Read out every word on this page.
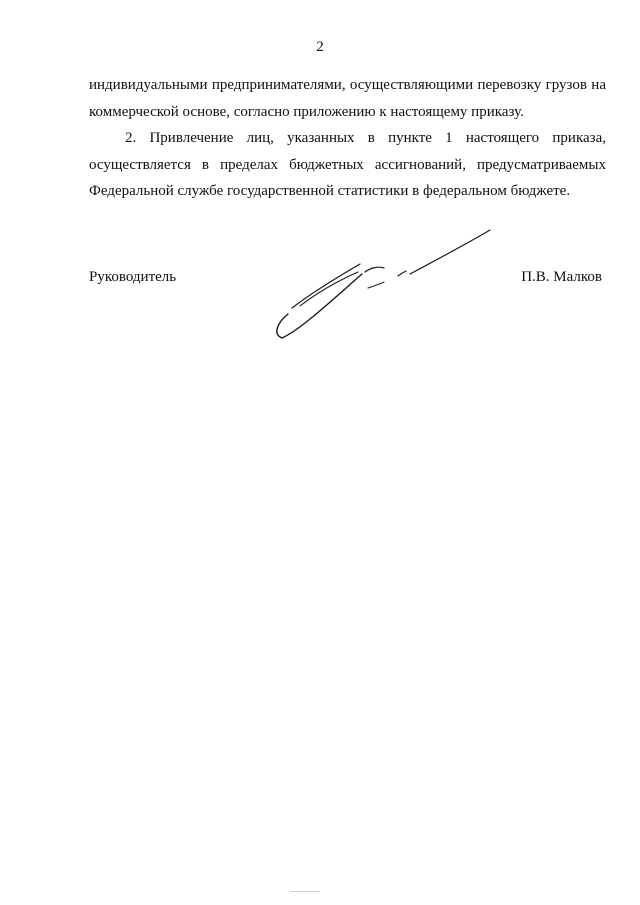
2

индивидуальными предпринимателями, осуществляющими перевозку грузов на коммерческой основе, согласно приложению к настоящему приказу.

2. Привлечение лиц, указанных в пункте 1 настоящего приказа, осуществляется в пределах бюджетных ассигнований, предусматриваемых Федеральной службе государственной статистики в федеральном бюджете.

Руководитель	П.В. Малков
